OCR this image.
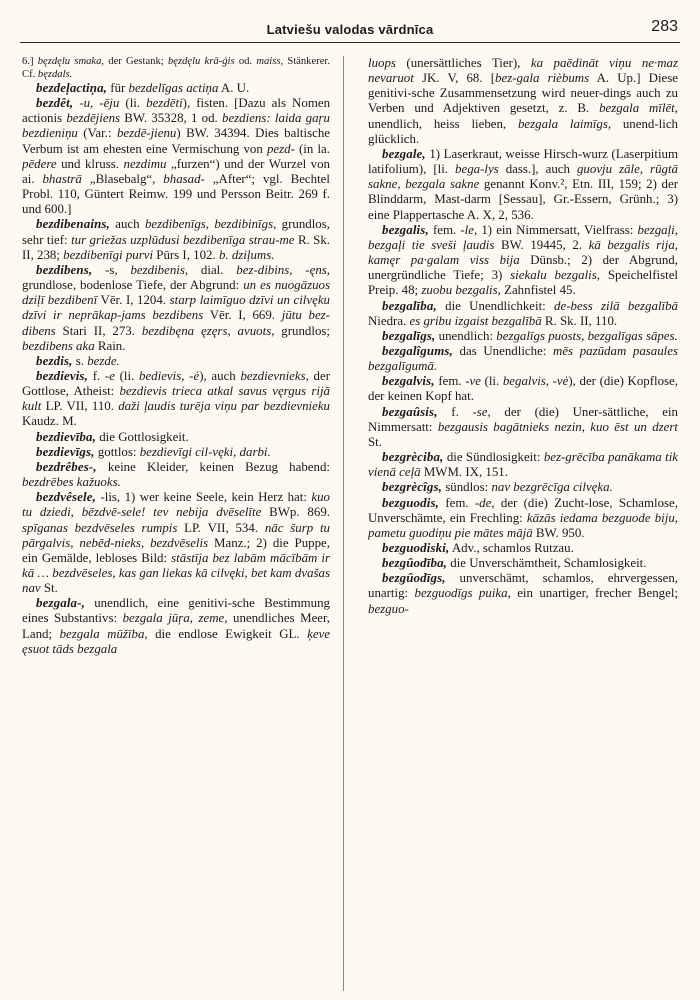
Latviešu valodas vārdnīca	283

6.] bęzdęlu smaka, der Gestank; bęzdęlu krā-ģis od. maiss, Stänkerer. Cf. bęzdals.

bezdeļactiņa, für bezdelīgas actiņa A. U.

bezdêt, -u, -ēju (li. bezdēti), fisten. [Dazu als Nomen actionis bezdējiens BW. 35328, 1 od. bezdiens: laida gaŗu bezdieniņu (Var.: bezdē-jienu) BW. 34394. Dies baltische Verbum ist am ehesten eine Vermischung von pezd- (in la. pēdere und klruss. nezdimu „furzen“) und der Wurzel von ai. bhastrā „Blasebalg“, bhasad- „After“; vgl. Bechtel Probl. 110, Güntert Reimw. 199 und Persson Beitr. 269 f. und 600.]

bezdibenains, auch bezdibenīgs, bezdibinīgs, grundlos, sehr tief: tur griežas uzplūdusi bezdibenīga strau-me R. Sk. II, 238; bezdibenīgi purvi Pūrs I, 102. b. dziļums.

bezdibens, -s, bezdibenis, dial. bez-dibins, -ęns, grundlose, bodenlose Tiefe, der Abgrund: un es nuogāzuos dziļī bezdibenī Vēr. I, 1204. starp laimīguo dzīvi un cilvęku dzīvi ir neprākap-jams bezdibens Vēr. I, 669. jūtu bez-dibens Stari II, 273. bezdibęna ęzęrs, avuots, grundlos; bezdibens aka Rain.

bezdis, s. bezde.

bezdievis, f. -e (li. bedievis, -ė), auch bezdievnieks, der Gottlose, Atheist: bezdievis trieca atkal savus vęrgus rijā kult LP. VII, 110. daži ļaudis turēja viņu par bezdievnieku Kaudz. M.

bezdievība, die Gottlosigkeit.

bezdievīgs, gottlos: bezdievīgi cil-vęki, darbi.

bezdrêbes-, keine Kleider, keinen Bezug habend: bezdrēbes kažuoks.

bezdvêsele, -lis, 1) wer keine Seele, kein Herz hat: kuo tu dziedi, bēzdvē-sele! tev nebija dvēselīte BWp. 869. spīganas bezdvēseles rumpis LP. VII, 534. nāc šurp tu pārgalvis, nebēd-nieks, bezdvēselis Manz.; 2) die Puppe, ein Gemälde, lebloses Bild: stāstīja bez labām mācībām ir kā … bezdvēseles, kas gan liekas kā cilvęki, bet kam dvašas nav St.

bezgala-, unendlich, eine genitivi-sche Bestimmung eines Substantivs: bezgala jūŗa, zeme, unendliches Meer, Land; bezgala mūžība, die endlose Ewigkeit GL. ķeve ęsuot tāds bezgala

luops (unersättliches Tier), ka paēdināt viņu ne·maz nevaruot JK. V, 68. [bez-gala rièbums A. Up.] Diese genitivi-sche Zusammensetzung wird neuer-dings auch zu Verben und Adjektiven gesetzt, z. B. bezgala mīlēt, unendlich, heiss lieben, bezgala laimīgs, unend-lich glücklich.

bezgale, 1) Laserkraut, weisse Hirsch-wurz (Laserpitium latifolium), [li. bega-lys dass.], auch guovju zāle, rūgtā sakne, bezgala sakne genannt Konv.², Etn. III, 159; 2) der Blinddarm, Mast-darm [Sessau], Gr.-Essern, Grünh.; 3) eine Plappertasche A. X, 2, 536.

bezgalis, fem. -le, 1) ein Nimmersatt, Vielfrass: bezgaļi, bezgaļi tie sveši ļaudis BW. 19445, 2. kā bezgalis rija, kamęr pa·galam viss bija Dünsb.; 2) der Abgrund, unergründliche Tiefe; 3) siekalu bezgalis, Speichelfistel Preip. 48; zuobu bezgalis, Zahnfistel 45.

bezgalība, die Unendlichkeit: de-bess zilā bezgalībā Niedra. es gribu izgaist bezgalībā R. Sk. II, 110.

bezgalīgs, unendlich: bezgalīgs puosts, bezgalīgas sāpes.

bezgalîgums, das Unendliche: mēs pazūdam pasaules bezgalīgumā.

bezgalvis, fem. -ve (li. begalvis, -vė), der (die) Kopflose, der keinen Kopf hat.

bezgaûsis, f. -se, der (die) Uner-sättliche, ein Nimmersatt: bezgausis bagātnieks nezin, kuo ēst un dzert St.

bezgrèciba, die Sündlosigkeit: bez-grēcība panākama tik vienā ceļā MWM. IX, 151.

bezgrècîgs, sündlos: nav bezgrēcīga cilvęka.

bezguodis, fem. -de, der (die) Zucht-lose, Schamlose, Unverschämte, ein Frechling: kāzās iedama bezguode biju, pametu guodiņu pie mātes mājā BW. 950.

bezguodiski, Adv., schamlos Rutzau.

bezgûodība, die Unverschämtheit, Schamlosigkeit.

bezgûodīgs, unverschämt, schamlos, ehrvergessen, unartig: bezguodīgs puika, ein unartiger, frecher Bengel; bezguo-
